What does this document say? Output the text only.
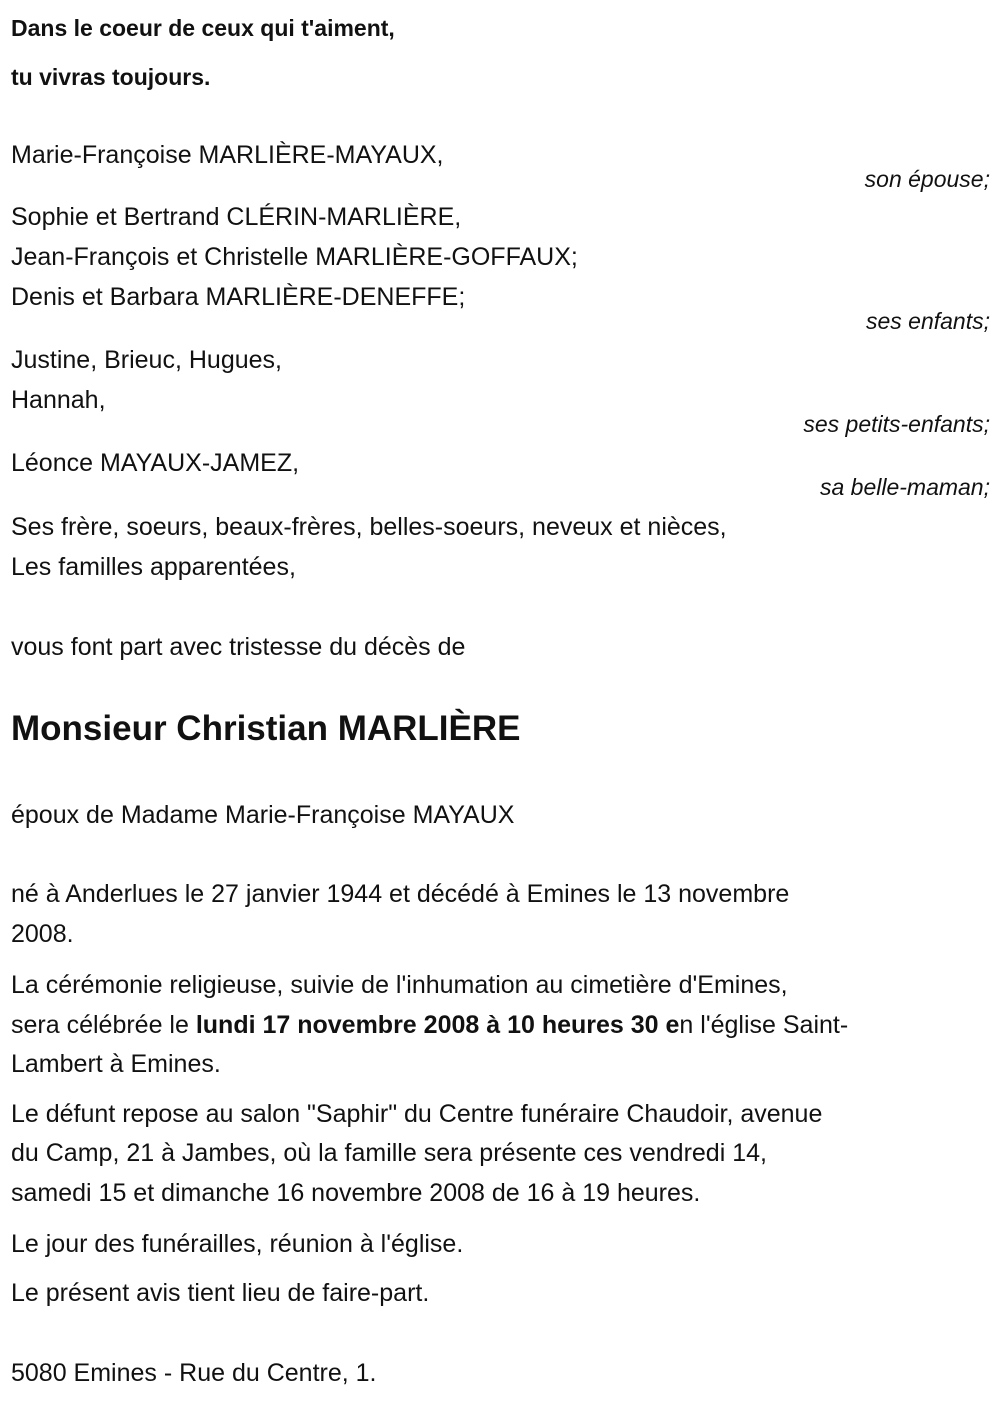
Dans le coeur de ceux qui t'aiment,
tu vivras toujours.
Marie-Françoise MARLIÈRE-MAYAUX,
son épouse;
Sophie et Bertrand CLÉRIN-MARLIÈRE,
Jean-François et Christelle MARLIÈRE-GOFFAUX;
Denis et Barbara MARLIÈRE-DENEFFE;
ses enfants;
Justine, Brieuc, Hugues,
Hannah,
ses petits-enfants;
Léonce MAYAUX-JAMEZ,
sa belle-maman;
Ses frère, soeurs, beaux-frères, belles-soeurs, neveux et nièces,
Les familles apparentées,
vous font part avec tristesse du décès de
Monsieur Christian MARLIÈRE
époux de Madame Marie-Françoise MAYAUX
né à Anderlues le 27 janvier 1944 et décédé à Emines le 13 novembre
2008.
La cérémonie religieuse, suivie de l'inhumation au cimetière d'Emines,
sera célébrée le lundi 17 novembre 2008 à 10 heures 30 en l'église Saint-
Lambert à Emines.
Le défunt repose au salon "Saphir" du Centre funéraire Chaudoir, avenue
du Camp, 21 à Jambes, où la famille sera présente ces vendredi 14,
samedi 15 et dimanche 16 novembre 2008 de 16 à 19 heures.
Le jour des funérailles, réunion à l'église.
Le présent avis tient lieu de faire-part.
5080 Emines - Rue du Centre, 1.
